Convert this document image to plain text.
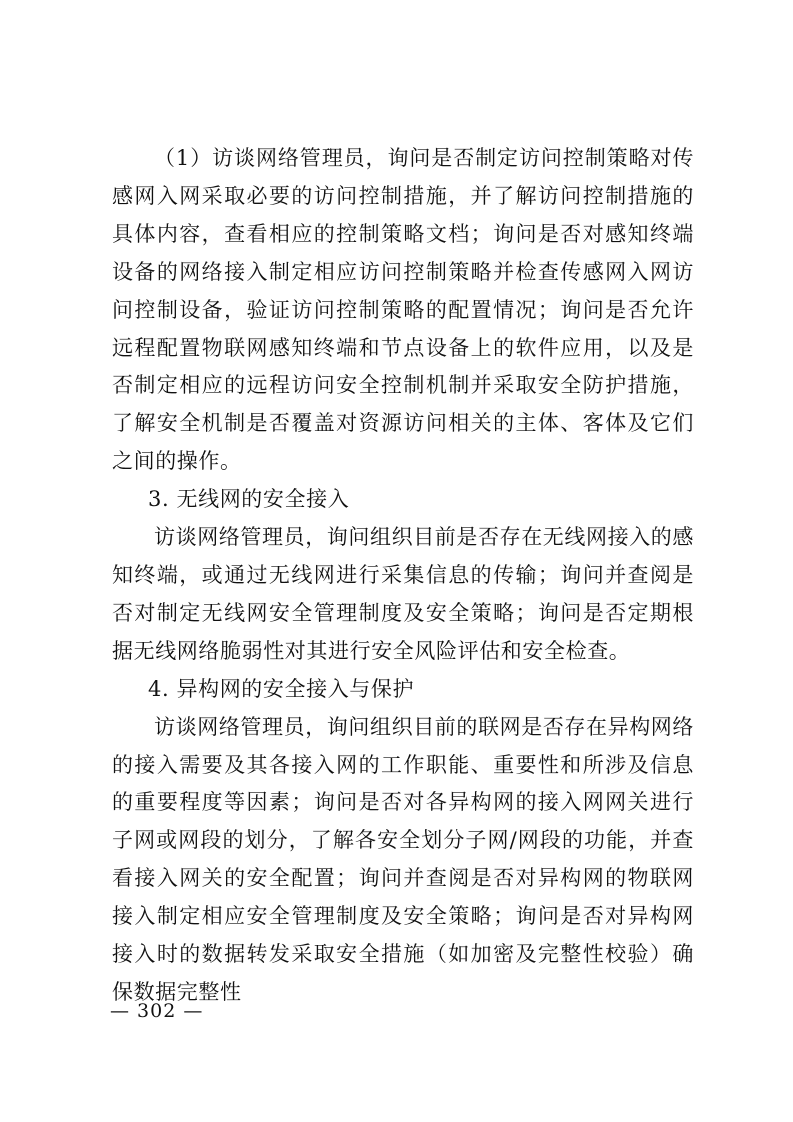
（1）访谈网络管理员，询问是否制定访问控制策略对传感网入网采取必要的访问控制措施，并了解访问控制措施的具体内容，查看相应的控制策略文档；询问是否对感知终端设备的网络接入制定相应访问控制策略并检查传感网入网访问控制设备，验证访问控制策略的配置情况；询问是否允许远程配置物联网感知终端和节点设备上的软件应用，以及是否制定相应的远程访问安全控制机制并采取安全防护措施，了解安全机制是否覆盖对资源访问相关的主体、客体及它们之间的操作。

3. 无线网的安全接入

访谈网络管理员，询问组织目前是否存在无线网接入的感知终端，或通过无线网进行采集信息的传输；询问并查阅是否对制定无线网安全管理制度及安全策略；询问是否定期根据无线网络脆弱性对其进行安全风险评估和安全检查。

4. 异构网的安全接入与保护

访谈网络管理员，询问组织目前的联网是否存在异构网络的接入需要及其各接入网的工作职能、重要性和所涉及信息的重要程度等因素；询问是否对各异构网的接入网网关进行子网或网段的划分，了解各安全划分子网/网段的功能，并查看接入网关的安全配置；询问并查阅是否对异构网的物联网接入制定相应安全管理制度及安全策略；询问是否对异构网接入时的数据转发采取安全措施（如加密及完整性校验）确保数据完整性

— 302 —
